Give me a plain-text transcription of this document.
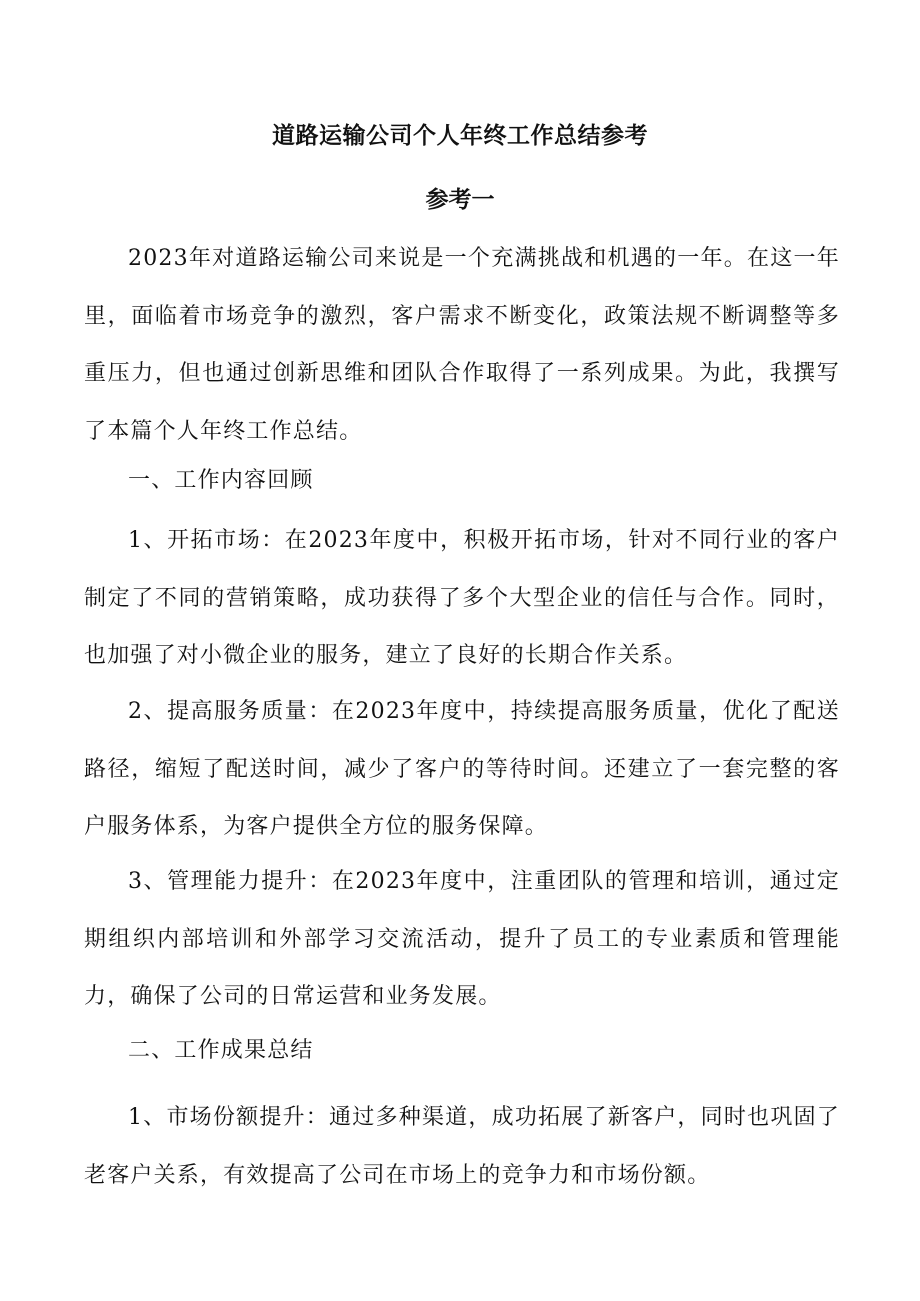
道路运输公司个人年终工作总结参考
参考一

2023年对道路运输公司来说是一个充满挑战和机遇的一年。在这一年里，面临着市场竞争的激烈，客户需求不断变化，政策法规不断调整等多重压力，但也通过创新思维和团队合作取得了一系列成果。为此，我撰写了本篇个人年终工作总结。

一、工作内容回顾

1、开拓市场：在2023年度中，积极开拓市场，针对不同行业的客户制定了不同的营销策略，成功获得了多个大型企业的信任与合作。同时，也加强了对小微企业的服务，建立了良好的长期合作关系。

2、提高服务质量：在2023年度中，持续提高服务质量，优化了配送路径，缩短了配送时间，减少了客户的等待时间。还建立了一套完整的客户服务体系，为客户提供全方位的服务保障。

3、管理能力提升：在2023年度中，注重团队的管理和培训，通过定期组织内部培训和外部学习交流活动，提升了员工的专业素质和管理能力，确保了公司的日常运营和业务发展。

二、工作成果总结

1、市场份额提升：通过多种渠道，成功拓展了新客户，同时也巩固了老客户关系，有效提高了公司在市场上的竞争力和市场份额。
